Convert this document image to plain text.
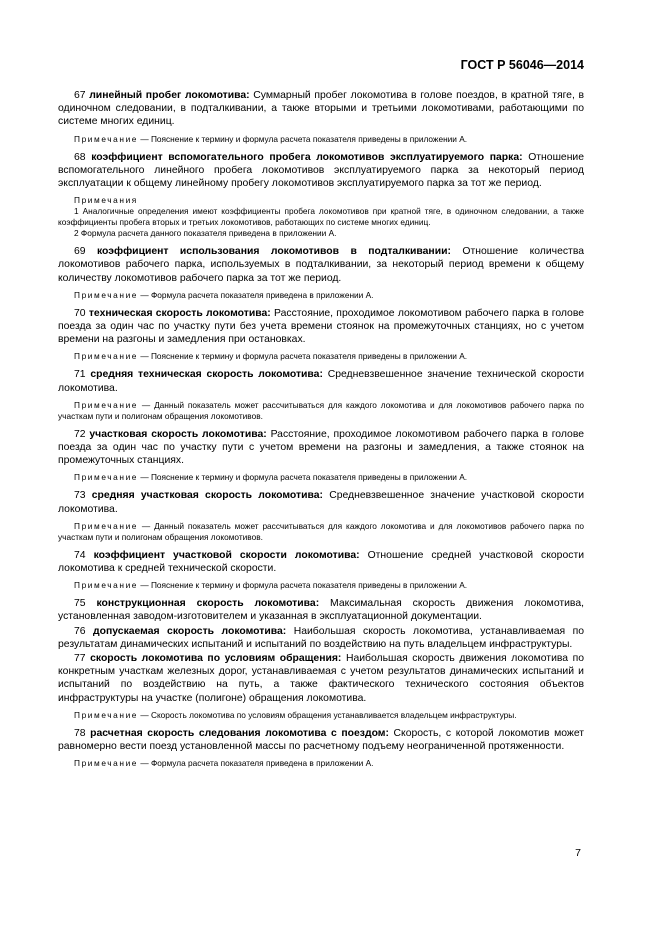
ГОСТ Р 56046—2014

67 линейный пробег локомотива: Суммарный пробег локомотива в голове поездов, в кратной тяге, в одиночном следовании, в подталкивании, а также вторыми и третьими локомотивами, работающими по системе многих единиц.

Примечание — Пояснение к термину и формула расчета показателя приведены в приложении А.

68 коэффициент вспомогательного пробега локомотивов эксплуатируемого парка: Отношение вспомогательного линейного пробега локомотивов эксплуатируемого парка за некоторый период эксплуатации к общему линейному пробегу локомотивов эксплуатируемого парка за тот же период.

Примечания

1 Аналогичные определения имеют коэффициенты пробега локомотивов при кратной тяге, в одиночном следовании, а также коэффициенты пробега вторых и третьих локомотивов, работающих по системе многих единиц.

2 Формула расчета данного показателя приведена в приложении А.

69 коэффициент использования локомотивов в подталкивании: Отношение количества локомотивов рабочего парка, используемых в подталкивании, за некоторый период времени к общему количеству локомотивов рабочего парка за тот же период.

Примечание — Формула расчета показателя приведена в приложении А.

70 техническая скорость локомотива: Расстояние, проходимое локомотивом рабочего парка в голове поезда за один час по участку пути без учета времени стоянок на промежуточных станциях, но с учетом времени на разгоны и замедления при остановках.

Примечание — Пояснение к термину и формула расчета показателя приведены в приложении А.

71 средняя техническая скорость локомотива: Средневзвешенное значение технической скорости локомотива.

Примечание — Данный показатель может рассчитываться для каждого локомотива и для локомотивов рабочего парка по участкам пути и полигонам обращения локомотивов.

72 участковая скорость локомотива: Расстояние, проходимое локомотивом рабочего парка в голове поезда за один час по участку пути с учетом времени на разгоны и замедления, а также стоянок на промежуточных станциях.

Примечание — Пояснение к термину и формула расчета показателя приведены в приложении А.

73 средняя участковая скорость локомотива: Средневзвешенное значение участковой скорости локомотива.

Примечание — Данный показатель может рассчитываться для каждого локомотива и для локомотивов рабочего парка по участкам пути и полигонам обращения локомотивов.

74 коэффициент участковой скорости локомотива: Отношение средней участковой скорости локомотива к средней технической скорости.

Примечание — Пояснение к термину и формула расчета показателя приведены в приложении А.

75 конструкционная скорость локомотива: Максимальная скорость движения локомотива, установленная заводом-изготовителем и указанная в эксплуатационной документации.

76 допускаемая скорость локомотива: Наибольшая скорость локомотива, устанавливаемая по результатам динамических испытаний и испытаний по воздействию на путь владельцем инфраструктуры.

77 скорость локомотива по условиям обращения: Наибольшая скорость движения локомотива по конкретным участкам железных дорог, устанавливаемая с учетом результатов динамических испытаний и испытаний по воздействию на путь, а также фактического технического состояния объектов инфраструктуры на участке (полигоне) обращения локомотива.

Примечание — Скорость локомотива по условиям обращения устанавливается владельцем инфраструктуры.

78 расчетная скорость следования локомотива с поездом: Скорость, с которой локомотив может равномерно вести поезд установленной массы по расчетному подъему неограниченной протяженности.

Примечание — Формула расчета показателя приведена в приложении А.

7
